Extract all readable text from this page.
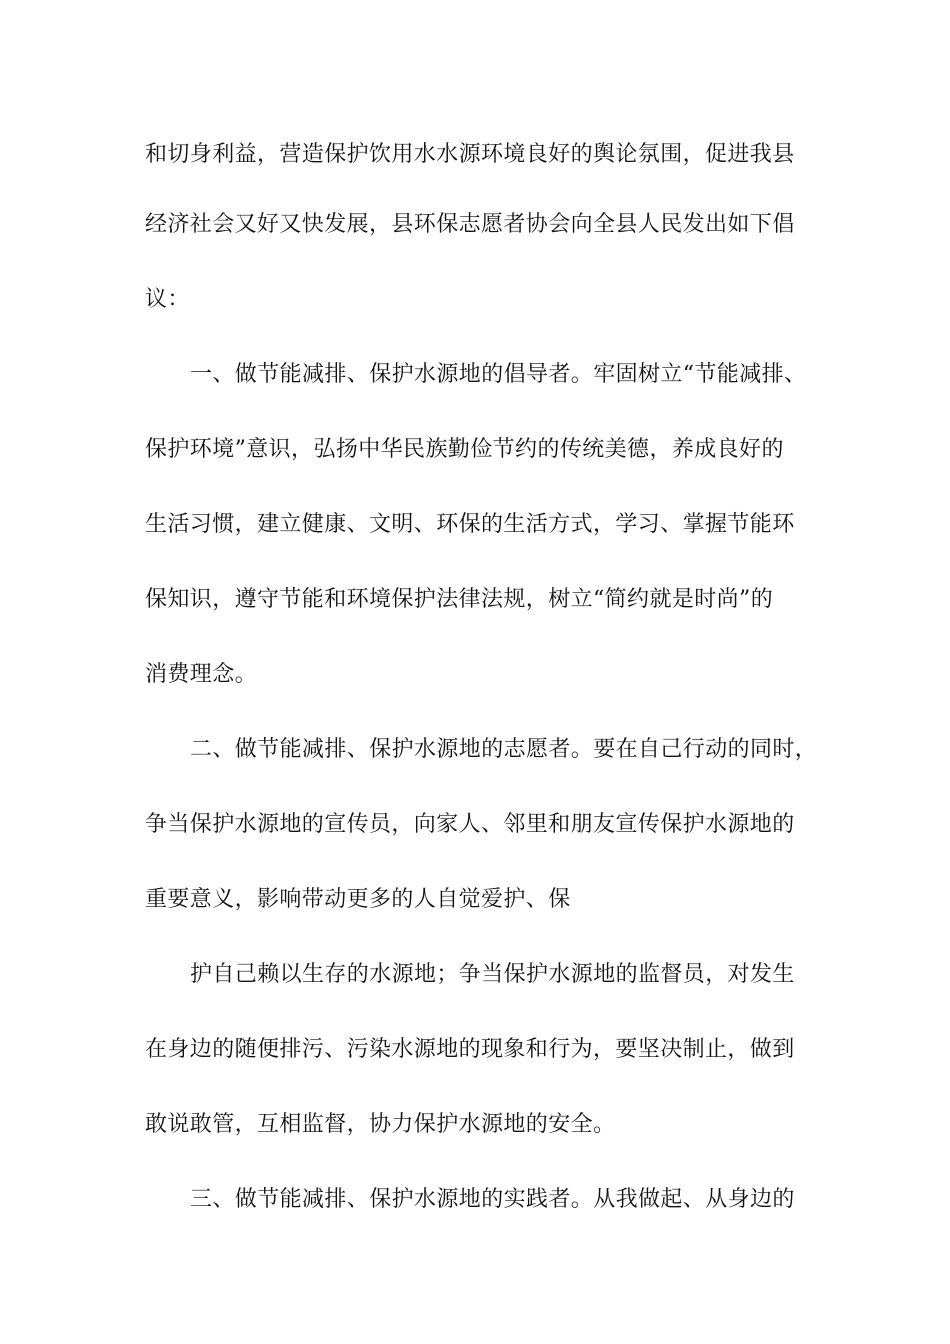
和切身利益，营造保护饮用水水源环境良好的舆论氛围，促进我县
经济社会又好又快发展，县环保志愿者协会向全县人民发出如下倡
议：
一、做节能减排、保护水源地的倡导者。牢固树立“节能减排、
保护环境”意识，弘扬中华民族勤俭节约的传统美德，养成良好的
生活习惯，建立健康、文明、环保的生活方式，学习、掌握节能环
保知识，遵守节能和环境保护法律法规，树立“简约就是时尚”的
消费理念。
二、做节能减排、保护水源地的志愿者。要在自己行动的同时，
争当保护水源地的宣传员，向家人、邻里和朋友宣传保护水源地的
重要意义，影响带动更多的人自觉爱护、保
护自己赖以生存的水源地；争当保护水源地的监督员，对发生
在身边的随便排污、污染水源地的现象和行为，要坚决制止，做到
敢说敢管，互相监督，协力保护水源地的安全。
三、做节能减排、保护水源地的实践者。从我做起、从身边的
